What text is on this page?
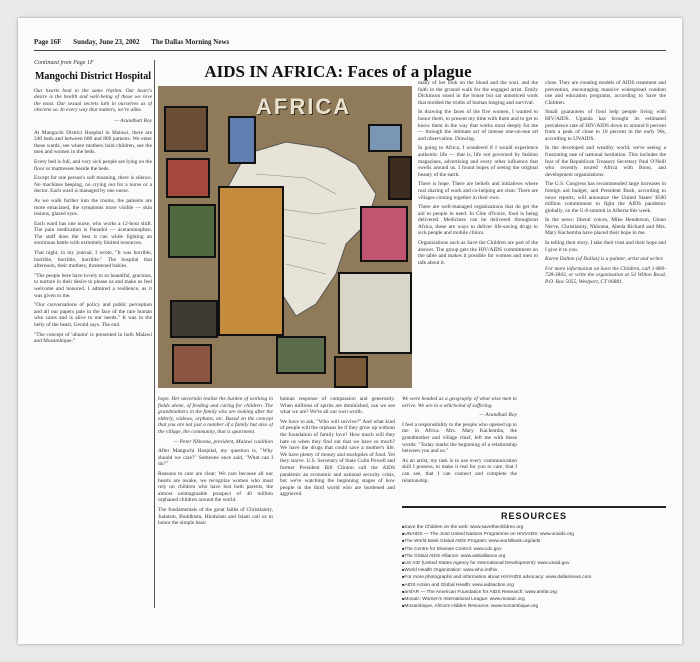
Page 16F Sunday, June 23, 2002 The Dallas Morning News
AIDS IN AFRICA: Faces of a plague
Continued from Page 1F
Mangochi District Hospital
Our hearts beat to the same rhythm. Our heart's desire is the health and well-being of those we love the most. Our sexual secrets lurk in ourselves as of obscene so. In every way that matters, we're alike.
— Arundhati Roy

At Mangochi District Hospital in Malawi, there are 240 beds and between 600 and 800 patients. We enter these wards, see where mothers hold children, see the men and women in the beds.

Every bed is full, and very sick people are lying on the floor or mattresses beside the beds.

Except for one person's soft moaning, there is silence. No machines beeping, no crying out for a nurse or a doctor. Each ward is managed by one nurse.

As we walk further into the rooms, the patients are more emaciated, the symptoms more visible — skin lesions, glazed eyes.

Each ward has one nurse, who works a 12-hour shift. The pain medication is Panadol — acetaminophen. The staff does the best it can while fighting an enormous battle with extremely limited resources.

That night, in my journal, I wrote, "It was horrible, horrible, horrible, horrible." The hospital that afternoon, their mothers, threatened babies.

"The people here have lovely to so beautiful, gracious, to nurture in their desire to please us and make us feel welcome and honored. I admired a resilience, as it was given to me.

"Our conversations of policy and public perception and all our papers pale in the face of the rare human who cares and is alive to our needs." It was in the belly of the beast, Gerald says. The end.

"The concept of 'ubuntu' is presented in both Malawi and Mozambique."

AFRICA

many of her look on the blood and the soul, and the faith in the ground walk for the engaged artist. Emily Dickinson stood in the house but sat unnoticed work that molded the truths of human longing and survival.

In drawing the faces of the five women, I wanted to honor them, to present my time with them and to get to know them in the way that works most deeply for me — through the intimate act of intense one-on-one art and observation. Drawing.

In going to Africa, I wondered if I would experience authentic life — that is, life not governed by fashion magazines, advertising and every other influence that swells around us. I found hopes of seeing the original beauty of the earth.

There is hope. There are beliefs and initiatives where real sharing of work and co-helping are clear. There are villages coming together in their own.

There are well-managed organizations that do get the aid to people in need. In Côte d'Ivoire, food is being delivered. Medicines can be delivered throughout Africa, these are ways to deliver life-saving drugs to sick people and mobile clinics.

Organizations such as Save the Children are part of the answer. The group gets the HIV/AIDS commitment on the table and makes it possible for women and men to talk about it.

close. They are creating models of AIDS treatment and prevention, encouraging massive widespread condom use and education programs, according to Save the Children.

Small guarantees of food help people living with HIV/AIDS. Uganda has brought its estimated prevalence rate of HIV/AIDS down to around 8 percent from a peak of close to 18 percent in the early 90s, according to UNAIDS.

In the developed and wealthy world, we're seeing a frustrating rate of national hesitation. This includes the fear of the Republican Treasury Secretary Paul O'Neill who recently toured Africa with Bono, and development organizations.

The U.S. Congress has recommended large increases in foreign aid budget, and President Bush, according to news reports, will announce the United States' $500 million commitment to fight the AIDS pandemic globally, on the G-8 summit in Alberta this week.

In the news: liberal voices, Mike Henderson, Glenn Nerve, Christianity, Nkhoma, Abeda Richard and Mrs. Mary Kachemba have placed their hope in me.

In telling their story, I take their trust and their hope and I give it to you.

Karen Dalton (of Dallas) is a painter, artist and writer.

For more information on Save the Children, call 1-800-728-3843, or write the organization at 54 Wilton Road, P.O. Box 5055, Westport, CT 06881.

hope. Her uncertain realize the burden of working in fields alone, of feeding and caring for children. The grandmothers in the family who are looking after the elderly, widows, orphans, etc. Based on the concept that you are not just a number of a family but also of the village, the community, that is apartment.

— Peter Nkhoma, president, Malawi coalition

After Mangochi Hospital, my question is, "Why should we care?" Someone once said, "What can I do?"

Reasons to care are clear: We care because all our hearts are awake, we recognize women who must rely on children who have lost both parents, the almost unimaginable prospect of 40 million orphaned children around the world.

The fundamentals of the great faiths of Christianity, Judaism, Buddhism, Hinduism and Islam call us to honor the simple basic

human response of compassion and generosity. When millions of spirits are diminished, can we see what we are? We're all our own worth.

We have to ask, "Who will survive?" And what kind of people will the orphans be if they grow up without the foundation of family love? How much will they hate us when they find out that we have so much? We have the drugs that could save a mother's life. We have plenty of money and stockpiles of food. Yet they starve. U.S. Secretary of State Colin Powell and former President Bill Clinton call the AIDS pandemic an economic and national security crisis, but we're watching the beginning stages of how people in the third world who are burdened and aggrieved.

We were headed as a geography of what wise men to arrive. We are in a whirlwind of suffering.

— Arundhati Roy

I feel a responsibility to the people who opened up to me in Africa. Mrs. Mary Kachemba, the grandmother and village chief, left me with these words: "Today marks the beginning of a relationship between you and us."

As an artist, my task is to use every communication skill I possess, to make it real for you to care, that I can see, that I can connect and complete the relationship.

RESOURCES
■ Save the Children on the web: www.savethechildren.org
■ UNAIDS — The Joint United Nations Programme on HIV/AIDS: www.unaids.org
■ The World Bank Global AIDS Program: www.worldbank.org/aids
■ The Centre for Disease Control: www.cdc.gov
■ The Global AIDS Alliance: www.aidsalliance.org
■ US AID (United States Agency for International Development): www.usaid.gov
■ World Health Organization: www.who.int/hiv
■ For more photographs and information about HIV/AIDS advocacy: www.dallasnews.com
■ AIDS Action and Global Health: www.aidsaction.org
■ amfAR — The American Foundation for AIDS Research: www.amfar.org
■ Mosaic: Women's International League: www.mosaic.org
■ Mozambique, Africa's Hidden Resource: www.mozambique.org
